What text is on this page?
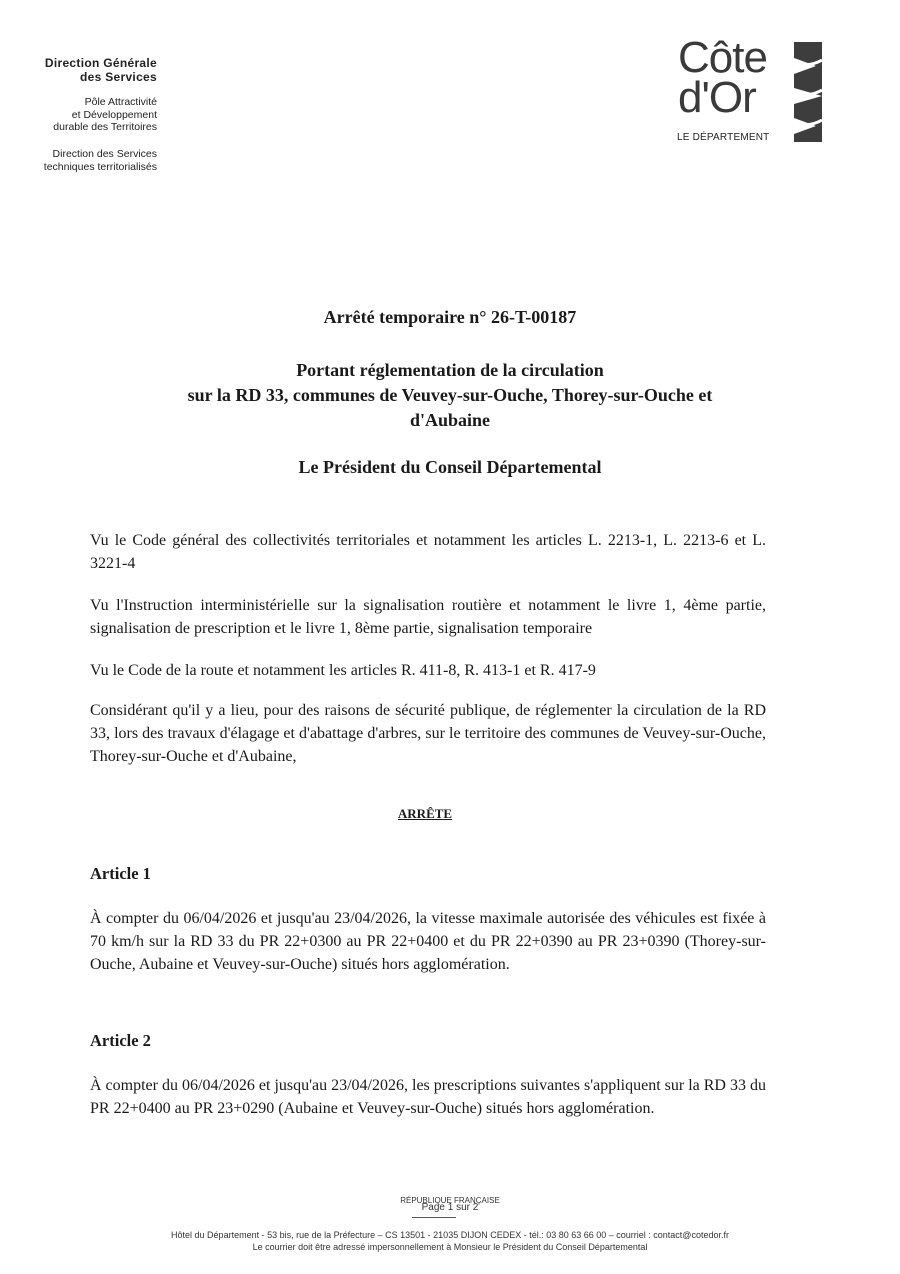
Direction Générale
des Services
Pôle Attractivité
et Développement
durable des Territoires
Direction des Services
techniques territorialisés
Côte
d'Or
LE DÉPARTEMENT
Arrêté temporaire n° 26-T-00187
Portant réglementation de la circulation
sur la RD 33, communes de Veuvey-sur-Ouche, Thorey-sur-Ouche et
d'Aubaine
Le Président du Conseil Départemental
Vu le Code général des collectivités territoriales et notamment les articles L. 2213-1, L. 2213-6 et L. 3221-4
Vu l'Instruction interministérielle sur la signalisation routière et notamment le livre 1, 4ème partie, signalisation de prescription et le livre 1, 8ème partie, signalisation temporaire
Vu le Code de la route et notamment les articles R. 411-8, R. 413-1 et R. 417-9
Considérant qu'il y a lieu, pour des raisons de sécurité publique, de réglementer la circulation de la RD 33, lors des travaux d'élagage et d'abattage d'arbres, sur le territoire des communes de Veuvey-sur-Ouche, Thorey-sur-Ouche et d'Aubaine,
ARRÊTE
Article 1
À compter du 06/04/2026 et jusqu'au 23/04/2026, la vitesse maximale autorisée des véhicules est fixée à 70 km/h sur la RD 33 du PR 22+0300 au PR 22+0400 et du PR 22+0390 au PR 23+0390 (Thorey-sur-Ouche, Aubaine et Veuvey-sur-Ouche) situés hors agglomération.
Article 2
À compter du 06/04/2026 et jusqu'au 23/04/2026, les prescriptions suivantes s'appliquent sur la RD 33 du PR 22+0400 au PR 23+0290 (Aubaine et Veuvey-sur-Ouche) situés hors agglomération.
RÉPUBLIQUE FRANÇAISE
Page 1 sur 2
Hôtel du Département - 53 bis, rue de la Préfecture – CS 13501 - 21035 DIJON CEDEX - tél.: 03 80 63 66 00 – courriel : contact@cotedor.fr
Le courrier doit être adressé impersonnellement à Monsieur le Président du Conseil Départemental
